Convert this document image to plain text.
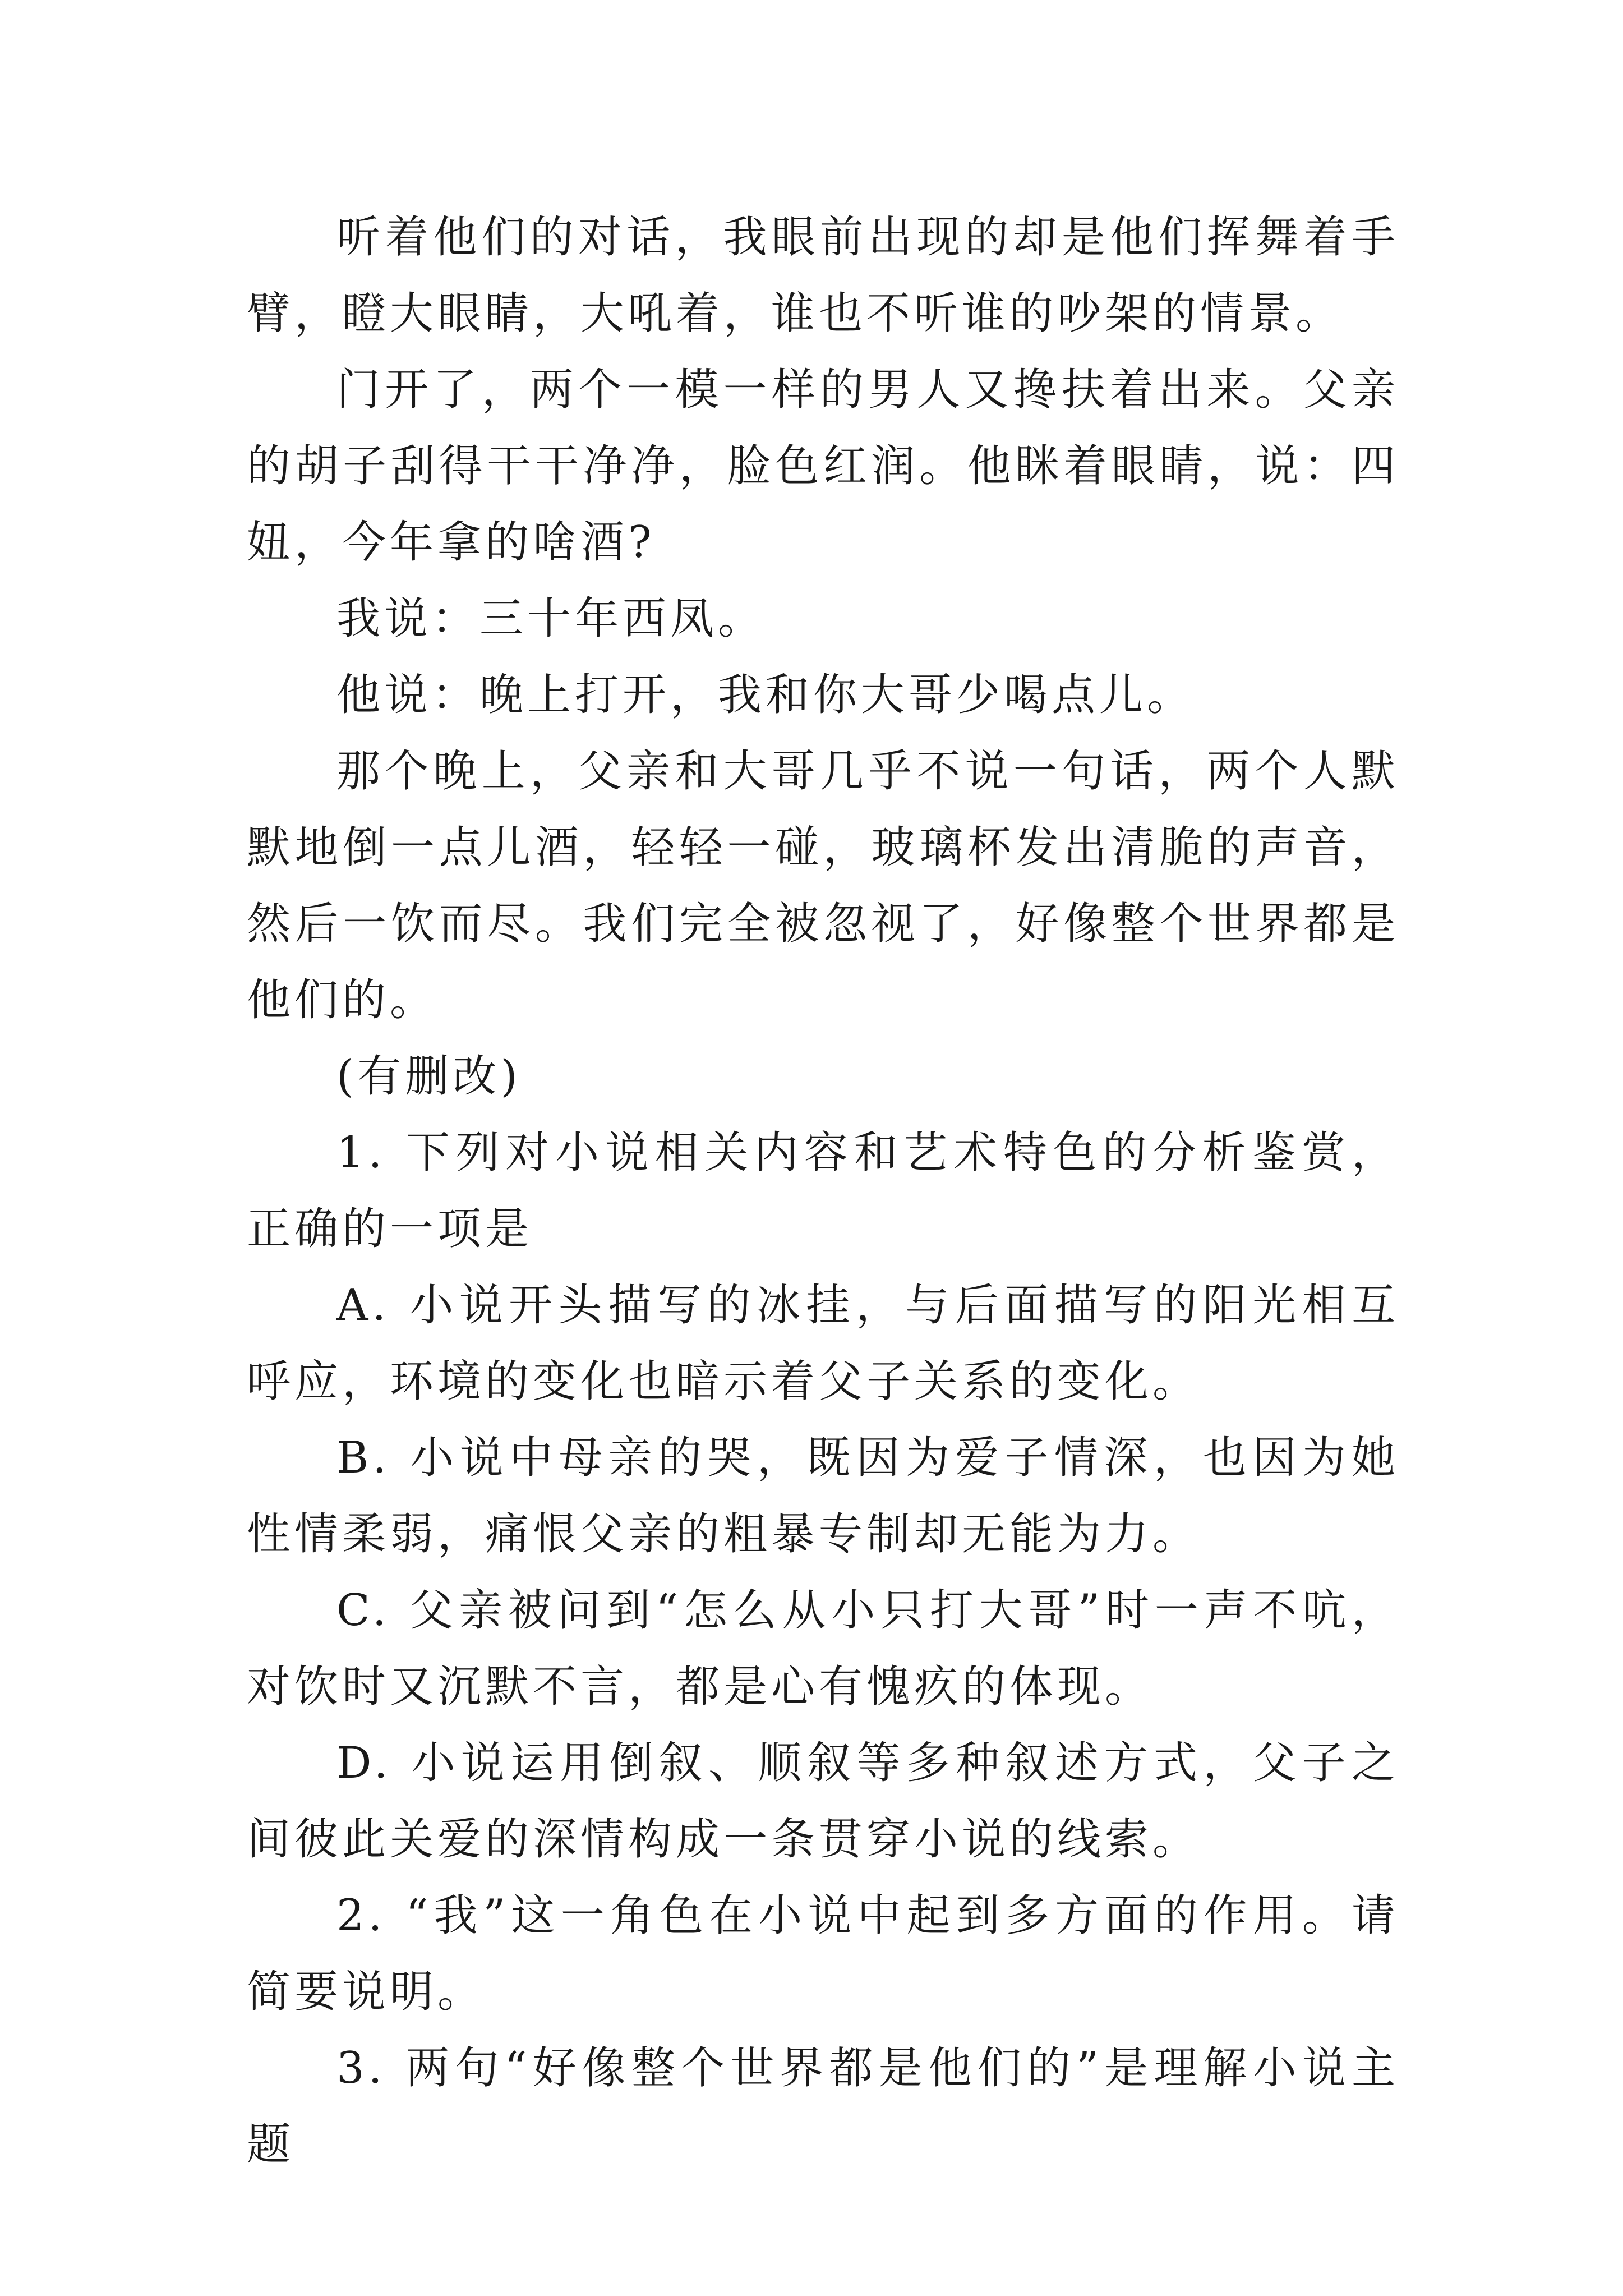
听着他们的对话，我眼前出现的却是他们挥舞着手臂，瞪大眼睛，大吼着，谁也不听谁的吵架的情景。

门开了，两个一模一样的男人又搀扶着出来。父亲的胡子刮得干干净净，脸色红润。他眯着眼睛，说：四妞，今年拿的啥酒?

我说：三十年西凤。

他说：晚上打开，我和你大哥少喝点儿。

那个晚上，父亲和大哥几乎不说一句话，两个人默默地倒一点儿酒，轻轻一碰，玻璃杯发出清脆的声音，然后一饮而尽。我们完全被忽视了，好像整个世界都是他们的。

(有删改)

1. 下列对小说相关内容和艺术特色的分析鉴赏，正确的一项是

A. 小说开头描写的冰挂，与后面描写的阳光相互呼应，环境的变化也暗示着父子关系的变化。

B. 小说中母亲的哭，既因为爱子情深，也因为她性情柔弱，痛恨父亲的粗暴专制却无能为力。

C. 父亲被问到“怎么从小只打大哥”时一声不吭，对饮时又沉默不言，都是心有愧疚的体现。

D. 小说运用倒叙、顺叙等多种叙述方式，父子之间彼此关爱的深情构成一条贯穿小说的线索。

2. “我”这一角色在小说中起到多方面的作用。请简要说明。

3. 两句“好像整个世界都是他们的”是理解小说主题
